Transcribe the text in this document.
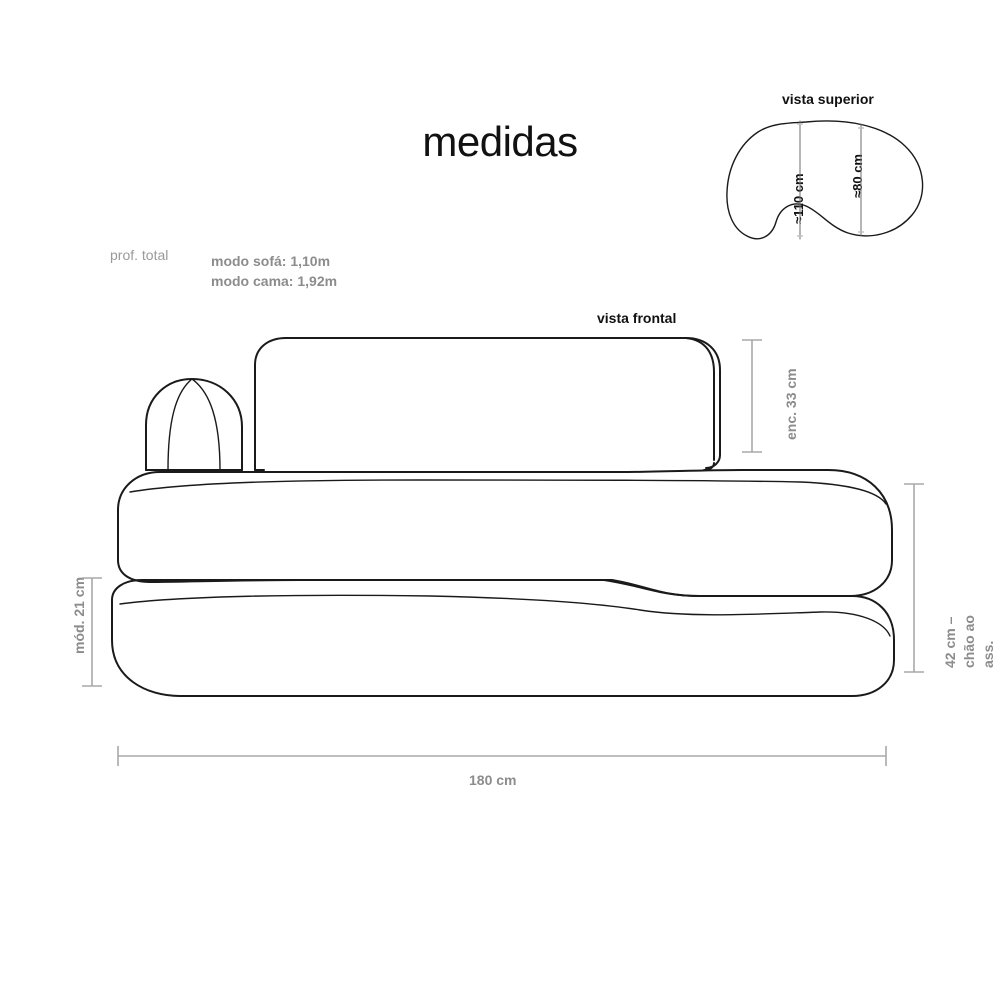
medidas
vista superior
vista frontal
prof. total	modo sofá: 1,10m
modo cama: 1,92m
≈110 cm	≈80 cm
enc. 33 cm
42 cm – chão ao ass.
mód. 21 cm
180 cm
